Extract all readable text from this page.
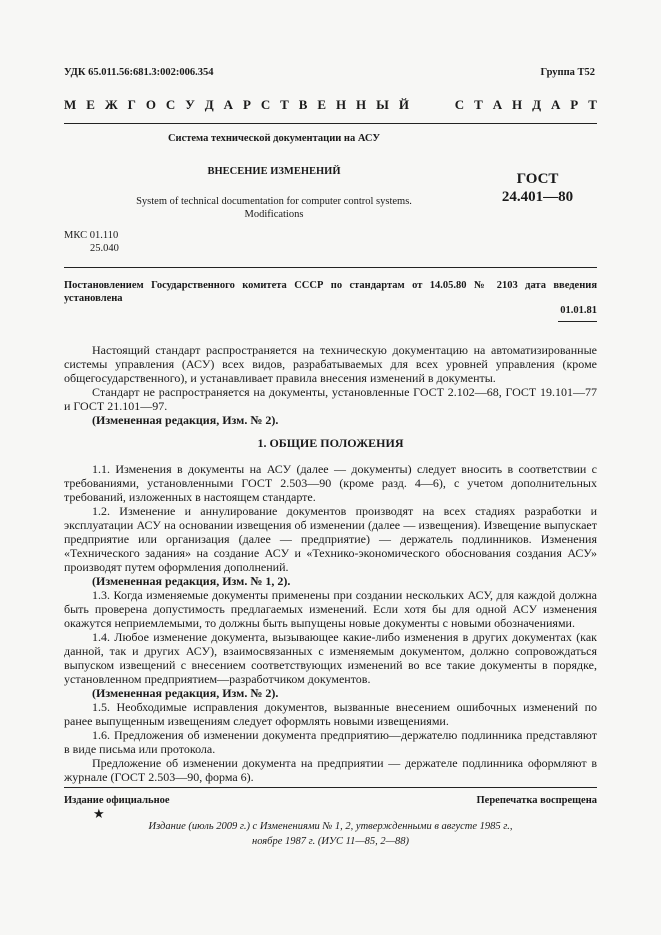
УДК 65.011.56:681.3:002:006.354	Группа Т52
М Е Ж Г О С У Д А Р С Т В Е Н Н Ы Й	С Т А Н Д А Р Т
Система технической документации на АСУ
ВНЕСЕНИЕ ИЗМЕНЕНИЙ
System of technical documentation for computer control systems.
Modifications
ГОСТ
24.401—80
МКС 01.110
25.040
Постановлением Государственного комитета СССР по стандартам от 14.05.80 № 2103 дата введения установлена
01.01.81

Настоящий стандарт распространяется на техническую документацию на автоматизированные системы управления (АСУ) всех видов, разрабатываемых для всех уровней управления (кроме общегосударственного), и устанавливает правила внесения изменений в документы.

Стандарт не распространяется на документы, установленные ГОСТ 2.102—68, ГОСТ 19.101—77 и ГОСТ 21.101—97.

(Измененная редакция, Изм. № 2).

1. ОБЩИЕ ПОЛОЖЕНИЯ

1.1. Изменения в документы на АСУ (далее — документы) следует вносить в соответствии с требованиями, установленными ГОСТ 2.503—90 (кроме разд. 4—6), с учетом дополнительных требований, изложенных в настоящем стандарте.

1.2. Изменение и аннулирование документов производят на всех стадиях разработки и эксплуатации АСУ на основании извещения об изменении (далее — извещения). Извещение выпускает предприятие или организация (далее — предприятие) — держатель подлинников. Изменения «Технического задания» на создание АСУ и «Технико-экономического обоснования создания АСУ» производят путем оформления дополнений.

(Измененная редакция, Изм. № 1, 2).

1.3. Когда изменяемые документы применены при создании нескольких АСУ, для каждой должна быть проверена допустимость предлагаемых изменений. Если хотя бы для одной АСУ изменения окажутся неприемлемыми, то должны быть выпущены новые документы с новыми обозначениями.

1.4. Любое изменение документа, вызывающее какие-либо изменения в других документах (как данной, так и других АСУ), взаимосвязанных с изменяемым документом, должно сопровождаться выпуском извещений с внесением соответствующих изменений во все такие документы в порядке, установленном предприятием—разработчиком документов.

(Измененная редакция, Изм. № 2).

1.5. Необходимые исправления документов, вызванные внесением ошибочных изменений по ранее выпущенным извещениям следует оформлять новыми извещениями.

1.6. Предложения об изменении документа предприятию—держателю подлинника представляют в виде письма или протокола.

Предложение об изменении документа на предприятии — держателе подлинника оформляют в журнале (ГОСТ 2.503—90, форма 6).

Издание официальное	Перепечатка воспрещена
★
Издание (июль 2009 г.) с Изменениями № 1, 2, утвержденными в августе 1985 г.,
ноябре 1987 г. (ИУС 11—85, 2—88)
